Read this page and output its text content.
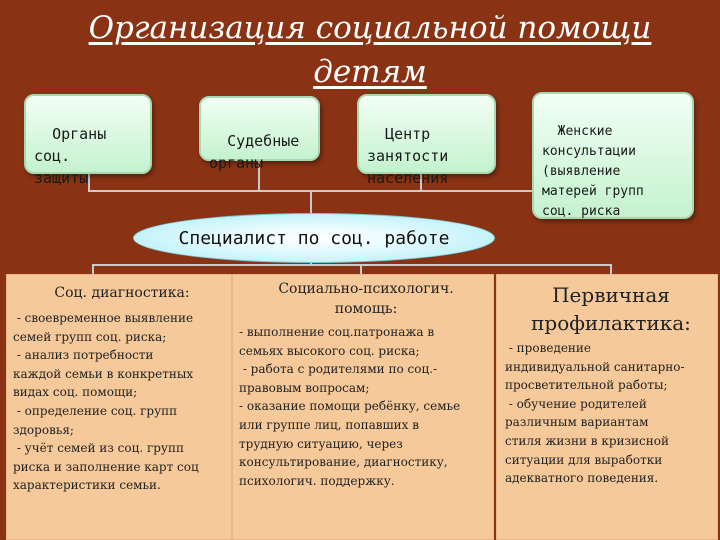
Организация социальной помощи
детям

Органы
соц.
защиты

Судебные
органы

Центр
занятости
населения

Женские
консультации
(выявление
матерей групп
соц. риска

Специалист по соц. работе
Соц. диагностика:
- своевременное выявление
семей групп соц. риска;
- анализ потребности
каждой семьи в конкретных
видах соц. помощи;
- определение соц. групп
здоровья;
- учёт семей из соц. групп
риска и заполнение карт соц
характеристики семьи.
Социально-психологич.
помощь:
- выполнение соц.патронажа в
семьях высокого соц. риска;
- работа с родителями по соц.-
правовым вопросам;
- оказание помощи ребёнку, семье
или группе лиц, попавших в
трудную ситуацию, через
консультирование, диагностику,
психологич. поддержку.
Первичная
профилактика:
- проведение
индивидуальной санитарно-
просветительной работы;
- обучение родителей
различным вариантам
стиля жизни в кризисной
ситуации для выработки
адекватного поведения.
